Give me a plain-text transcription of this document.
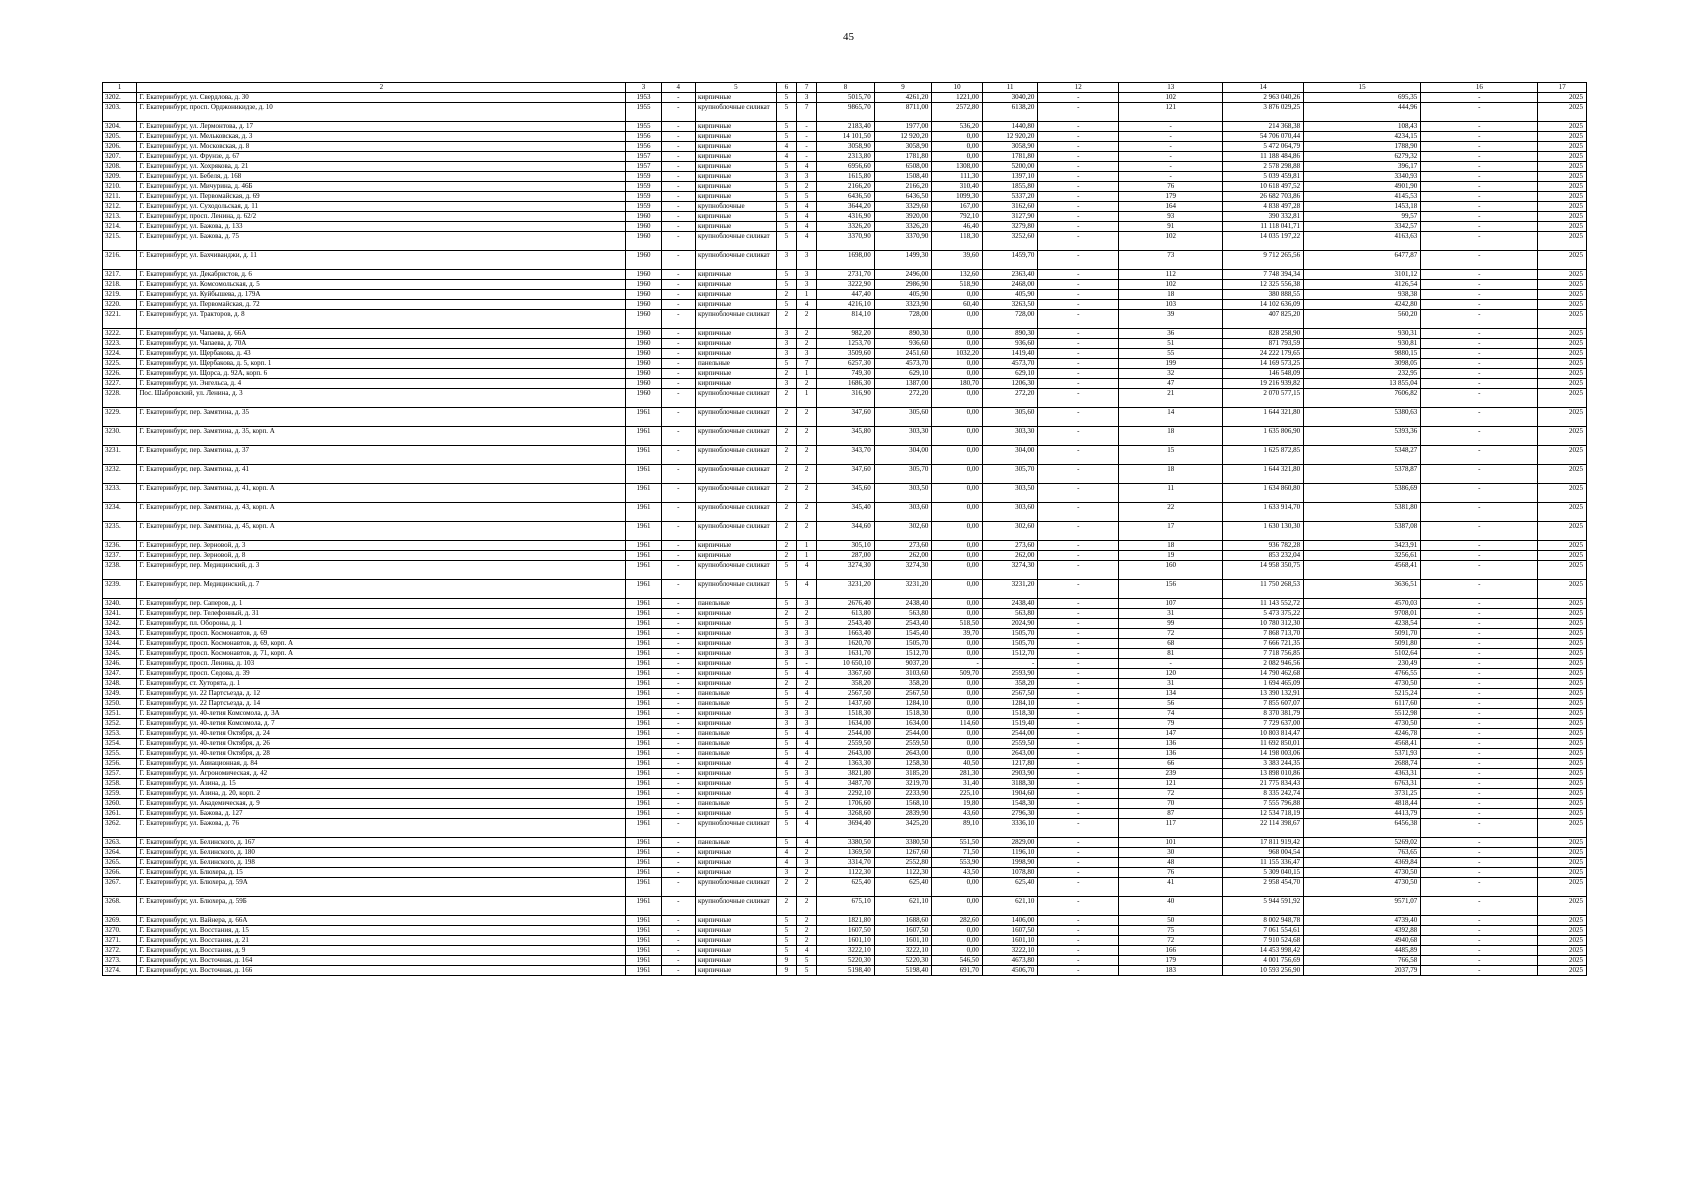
45
1	2	3	4	5	6	7	8	9	10	11	12	13	14	15	16	17
3202.	Г. Екатеринбург, ул. Свердлова, д. 30	1953	-	кирпичные	5	3	5015,70	4261,20	1221,00	3040,20	-	102	2 963 040,26	695,35	-	2025
3203.	Г. Екатеринбург, просп. Орджоникидзе, д. 10	1955	-	крупноблочные силикат	5	7	9865,70	8711,00	2572,80	6138,20	-	121	3 876 029,25	444,96	-	2025
3204.	Г. Екатеринбург, ул. Лермонтова, д. 17	1955	-	кирпичные	5	-	2183,40	1977,00	536,20	1440,80	-	-	214 368,38	108,43	-	2025
3205.	Г. Екатеринбург, ул. Мельковская, д. 3	1956	-	кирпичные	5	-	14 101,50	12 920,20	0,00	12 920,20	-	-	54 706 070,44	4234,15	-	2025
3206.	Г. Екатеринбург, ул. Московская, д. 8	1956	-	кирпичные	4	-	3058,90	3058,90	0,00	3058,90	-	-	5 472 064,79	1788,90	-	2025
3207.	Г. Екатеринбург, ул. Фрунзе, д. 67	1957	-	кирпичные	4	-	2313,80	1781,80	0,00	1781,80	-	-	11 188 484,86	6279,32	-	2025
3208.	Г. Екатеринбург, ул. Хохрякова, д. 21	1957	-	кирпичные	5	4	6956,60	6508,00	1308,00	5200,00	-	-	2 578 298,88	396,17	-	2025
3209.	Г. Екатеринбург, ул. Бебеля, д. 168	1959	-	кирпичные	3	3	1615,80	1508,40	111,30	1397,10	-	-	5 039 459,81	3340,93	-	2025
3210.	Г. Екатеринбург, ул. Мичурина, д. 46Б	1959	-	кирпичные	5	2	2166,20	2166,20	310,40	1855,80	-	76	10 618 497,52	4901,90	-	2025
3211.	Г. Екатеринбург, ул. Первомайская, д. 69	1959	-	кирпичные	5	5	6436,50	6436,50	1099,30	5337,20	-	179	26 682 703,86	4145,53	-	2025
3212.	Г. Екатеринбург, ул. Суходольская, д. 11	1959	-	крупноблочные	5	4	3644,20	3329,60	167,00	3162,60	-	164	4 838 497,28	1453,18	-	2025
3213.	Г. Екатеринбург, просп. Ленина, д. 62/2	1960	-	кирпичные	5	4	4316,90	3920,00	792,10	3127,90	-	93	390 332,81	99,57	-	2025
3214.	Г. Екатеринбург, ул. Бажова, д. 133	1960	-	кирпичные	5	4	3326,20	3326,20	46,40	3279,80	-	91	11 118 041,71	3342,57	-	2025
3215.	Г. Екатеринбург, ул. Бажова, д. 75	1960	-	крупноблочные силикат	5	4	3370,90	3370,90	118,30	3252,60	-	102	14 035 197,22	4163,63	-	2025
3216.	Г. Екатеринбург, ул. Бахчиванджи, д. 11	1960	-	крупноблочные силикат	3	3	1698,00	1499,30	39,60	1459,70	-	73	9 712 265,56	6477,87	-	2025
3217.	Г. Екатеринбург, ул. Декабристов, д. 6	1960	-	кирпичные	5	3	2731,70	2496,00	132,60	2363,40	-	112	7 748 394,34	3101,12	-	2025
3218.	Г. Екатеринбург, ул. Комсомольская, д. 5	1960	-	кирпичные	5	3	3222,90	2986,90	518,90	2468,00	-	102	12 325 556,38	4126,54	-	2025
3219.	Г. Екатеринбург, ул. Куйбышева, д. 179А	1960	-	кирпичные	2	1	447,40	405,90	0,00	405,90	-	18	380 888,55	938,38	-	2025
3220.	Г. Екатеринбург, ул. Первомайская, д. 72	1960	-	кирпичные	5	4	4216,10	3323,90	60,40	3263,50	-	103	14 102 636,09	4242,80	-	2025
3221.	Г. Екатеринбург, ул. Тракторов, д. 8	1960	-	крупноблочные силикат	2	2	814,10	728,00	0,00	728,00	-	39	407 825,20	560,20	-	2025
3222.	Г. Екатеринбург, ул. Чапаева, д. 66А	1960	-	кирпичные	3	2	982,20	890,30	0,00	890,30	-	36	828 258,90	930,31	-	2025
3223.	Г. Екатеринбург, ул. Чапаева, д. 70А	1960	-	кирпичные	3	2	1253,70	936,60	0,00	936,60	-	51	871 793,59	930,81	-	2025
3224.	Г. Екатеринбург, ул. Щербакова, д. 43	1960	-	кирпичные	3	3	3509,60	2451,60	1032,20	1419,40	-	55	24 222 179,65	9880,15	-	2025
3225.	Г. Екатеринбург, ул. Щербакова, д. 5, корп. 1	1960	-	панельные	5	7	6257,30	4573,70	0,00	4573,70	-	199	14 169 573,25	3098,05	-	2025
3226.	Г. Екатеринбург, ул. Щорса, д. 92А, корп. 6	1960	-	кирпичные	2	1	749,30	629,10	0,00	629,10	-	32	146 548,09	232,95	-	2025
3227.	Г. Екатеринбург, ул. Энгельса, д. 4	1960	-	кирпичные	3	2	1686,30	1387,00	180,70	1206,30	-	47	19 216 939,82	13 855,04	-	2025
3228.	Пос. Шабровский, ул. Ленина, д. 3	1960	-	крупноблочные силикат	2	1	316,90	272,20	0,00	272,20	-	21	2 070 577,15	7606,82	-	2025
3229.	Г. Екатеринбург, пер. Замятина, д. 35	1961	-	крупноблочные силикат	2	2	347,60	305,60	0,00	305,60	-	14	1 644 321,80	5380,63	-	2025
3230.	Г. Екатеринбург, пер. Замятина, д. 35, корп. А	1961	-	крупноблочные силикат	2	2	345,80	303,30	0,00	303,30	-	18	1 635 806,90	5393,36	-	2025
3231.	Г. Екатеринбург, пер. Замятина, д. 37	1961	-	крупноблочные силикат	2	2	343,70	304,00	0,00	304,00	-	15	1 625 872,85	5348,27	-	2025
3232.	Г. Екатеринбург, пер. Замятина, д. 41	1961	-	крупноблочные силикат	2	2	347,60	305,70	0,00	305,70	-	18	1 644 321,80	5378,87	-	2025
3233.	Г. Екатеринбург, пер. Замятина, д. 41, корп. А	1961	-	крупноблочные силикат	2	2	345,60	303,50	0,00	303,50	-	11	1 634 860,80	5386,69	-	2025
3234.	Г. Екатеринбург, пер. Замятина, д. 43, корп. А	1961	-	крупноблочные силикат	2	2	345,40	303,60	0,00	303,60	-	22	1 633 914,70	5381,80	-	2025
3235.	Г. Екатеринбург, пер. Замятина, д. 45, корп. А	1961	-	крупноблочные силикат	2	2	344,60	302,60	0,00	302,60	-	17	1 630 130,30	5387,08	-	2025
3236.	Г. Екатеринбург, пер. Зерновой, д. 3	1961	-	кирпичные	2	1	305,10	273,60	0,00	273,60	-	18	936 782,28	3423,91	-	2025
3237.	Г. Екатеринбург, пер. Зерновой, д. 8	1961	-	кирпичные	2	1	287,00	262,00	0,00	262,00	-	19	853 232,04	3256,61	-	2025
3238.	Г. Екатеринбург, пер. Медицинский, д. 3	1961	-	крупноблочные силикат	5	4	3274,30	3274,30	0,00	3274,30	-	160	14 958 350,75	4568,41	-	2025
3239.	Г. Екатеринбург, пер. Медицинский, д. 7	1961	-	крупноблочные силикат	5	4	3231,20	3231,20	0,00	3231,20	-	156	11 750 268,53	3636,51	-	2025
3240.	Г. Екатеринбург, пер. Саперов, д. 1	1961	-	панельные	5	3	2676,40	2438,40	0,00	2438,40	-	107	11 143 552,72	4570,03	-	2025
3241.	Г. Екатеринбург, пер. Телефонный, д. 31	1961	-	кирпичные	2	2	613,80	563,80	0,00	563,80	-	31	5 473 375,22	9708,01	-	2025
3242.	Г. Екатеринбург, пл. Обороны, д. 1	1961	-	кирпичные	5	3	2543,40	2543,40	518,50	2024,90	-	99	10 780 312,30	4238,54	-	2025
3243.	Г. Екатеринбург, просп. Космонавтов, д. 69	1961	-	кирпичные	3	3	1663,40	1545,40	39,70	1505,70	-	72	7 868 713,70	5091,70	-	2025
3244.	Г. Екатеринбург, просп. Космонавтов, д. 69, корп. А	1961	-	кирпичные	3	3	1620,70	1505,70	0,00	1505,70	-	68	7 666 721,35	5091,80	-	2025
3245.	Г. Екатеринбург, просп. Космонавтов, д. 71, корп. А	1961	-	кирпичные	3	3	1631,70	1512,70	0,00	1512,70	-	81	7 718 756,85	5102,64	-	2025
3246.	Г. Екатеринбург, просп. Ленина, д. 103	1961	-	кирпичные	5	-	10 650,10	9037,20	-	-	-	-	2 082 946,56	230,49	-	2025
3247.	Г. Екатеринбург, просп. Седова, д. 39	1961	-	кирпичные	5	4	3367,60	3103,60	509,70	2593,90	-	120	14 790 462,68	4766,55	-	2025
3248.	Г. Екатеринбург, ст. Хуторята, д. 1	1961	-	кирпичные	2	2	358,20	358,20	0,00	358,20	-	31	1 694 465,09	4730,50	-	2025
3249.	Г. Екатеринбург, ул. 22 Партсъезда, д. 12	1961	-	панельные	5	4	2567,50	2567,50	0,00	2567,50	-	134	13 390 132,91	5215,24	-	2025
3250.	Г. Екатеринбург, ул. 22 Партсъезда, д. 14	1961	-	панельные	5	2	1437,60	1284,10	0,00	1284,10	-	56	7 855 607,07	6117,60	-	2025
3251.	Г. Екатеринбург, ул. 40-летия Комсомола, д. 3А	1961	-	кирпичные	3	3	1518,30	1518,30	0,00	1518,30	-	74	8 370 381,79	5512,98	-	2025
3252.	Г. Екатеринбург, ул. 40-летия Комсомола, д. 7	1961	-	кирпичные	3	3	1634,00	1634,00	114,60	1519,40	-	79	7 729 637,00	4730,50	-	2025
3253.	Г. Екатеринбург, ул. 40-летия Октября, д. 24	1961	-	панельные	5	4	2544,00	2544,00	0,00	2544,00	-	147	10 803 814,47	4246,78	-	2025
3254.	Г. Екатеринбург, ул. 40-летия Октября, д. 26	1961	-	панельные	5	4	2559,50	2559,50	0,00	2559,50	-	136	11 692 850,01	4568,41	-	2025
3255.	Г. Екатеринбург, ул. 40-летия Октября, д. 28	1961	-	панельные	5	4	2643,00	2643,00	0,00	2643,00	-	136	14 198 003,06	5371,93	-	2025
3256.	Г. Екатеринбург, ул. Авиационная, д. 84	1961	-	кирпичные	4	2	1363,30	1258,30	40,50	1217,80	-	66	3 383 244,35	2688,74	-	2025
3257.	Г. Екатеринбург, ул. Агрономическая, д. 42	1961	-	кирпичные	5	3	3821,80	3185,20	281,30	2903,90	-	239	13 898 010,86	4363,31	-	2025
3258.	Г. Екатеринбург, ул. Азина, д. 15	1961	-	кирпичные	5	4	3487,70	3219,70	31,40	3188,30	-	121	21 775 834,43	6763,31	-	2025
3259.	Г. Екатеринбург, ул. Азина, д. 20, корп. 2	1961	-	кирпичные	4	3	2292,10	2233,90	225,10	1904,60	-	72	8 335 242,74	3731,25	-	2025
3260.	Г. Екатеринбург, ул. Академическая, д. 9	1961	-	панельные	5	2	1706,60	1568,10	19,80	1548,30	-	70	7 555 796,88	4818,44	-	2025
3261.	Г. Екатеринбург, ул. Бажова, д. 127	1961	-	кирпичные	5	4	3268,60	2839,90	43,60	2796,30	-	87	12 534 718,19	4413,79	-	2025
3262.	Г. Екатеринбург, ул. Бажова, д. 76	1961	-	крупноблочные силикат	5	4	3694,40	3425,20	89,10	3336,10	-	117	22 114 398,67	6456,38	-	2025
3263.	Г. Екатеринбург, ул. Белинского, д. 167	1961	-	панельные	5	4	3380,50	3380,50	551,50	2829,00	-	101	17 811 919,42	5269,02	-	2025
3264.	Г. Екатеринбург, ул. Белинского, д. 180	1961	-	кирпичные	4	2	1369,50	1267,60	71,50	1196,10	-	30	968 004,54	763,65	-	2025
3265.	Г. Екатеринбург, ул. Белинского, д. 198	1961	-	кирпичные	4	3	3314,70	2552,80	553,90	1998,90	-	48	11 155 336,47	4369,84	-	2025
3266.	Г. Екатеринбург, ул. Блюхера, д. 15	1961	-	кирпичные	3	2	1122,30	1122,30	43,50	1078,80	-	76	5 309 040,15	4730,50	-	2025
3267.	Г. Екатеринбург, ул. Блюхера, д. 59А	1961	-	крупноблочные силикат	2	2	625,40	625,40	0,00	625,40	-	41	2 958 454,70	4730,50	-	2025
3268.	Г. Екатеринбург, ул. Блюхера, д. 59Б	1961	-	крупноблочные силикат	2	2	675,10	621,10	0,00	621,10	-	40	5 944 591,92	9571,07	-	2025
3269.	Г. Екатеринбург, ул. Вайнера, д. 66А	1961	-	кирпичные	5	2	1821,80	1688,60	282,60	1406,00	-	50	8 002 948,78	4739,40	-	2025
3270.	Г. Екатеринбург, ул. Восстания, д. 15	1961	-	кирпичные	5	2	1607,50	1607,50	0,00	1607,50	-	75	7 061 554,61	4392,88	-	2025
3271.	Г. Екатеринбург, ул. Восстания, д. 21	1961	-	кирпичные	5	2	1601,10	1601,10	0,00	1601,10	-	72	7 910 524,68	4940,68	-	2025
3272.	Г. Екатеринбург, ул. Восстания, д. 9	1961	-	кирпичные	5	4	3222,10	3222,10	0,00	3222,10	-	166	14 453 998,42	4485,89	-	2025
3273.	Г. Екатеринбург, ул. Восточная, д. 164	1961	-	кирпичные	9	5	5220,30	5220,30	546,50	4673,80	-	179	4 001 756,69	766,58	-	2025
3274.	Г. Екатеринбург, ул. Восточная, д. 166	1961	-	кирпичные	9	5	5198,40	5198,40	691,70	4506,70	-	183	10 593 256,90	2037,79	-	2025
